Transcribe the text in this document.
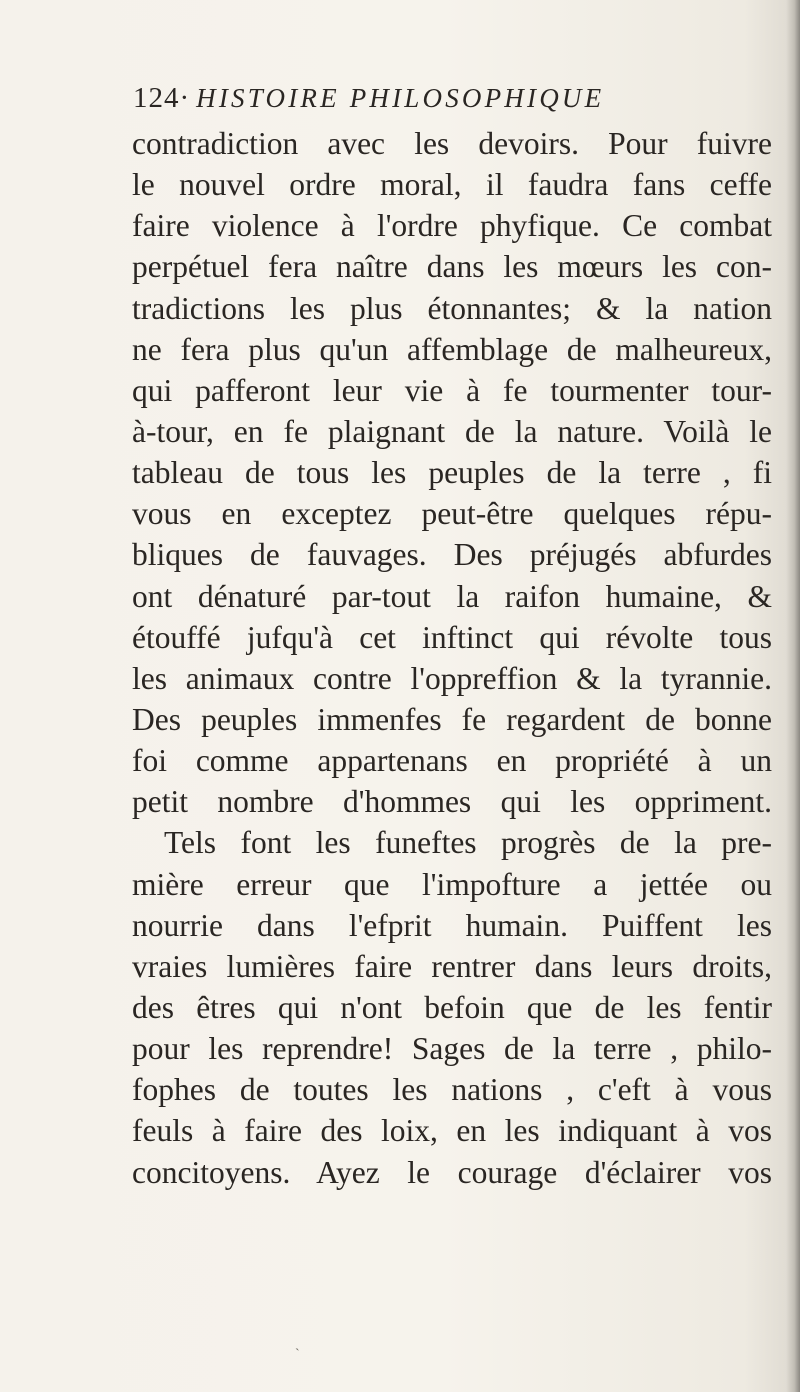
124· HISTOIRE PHILOSOPHIQUE
contradiction avec les devoirs. Pour fuivre
le nouvel ordre moral, il faudra fans ceffe
faire violence à l'ordre phyfique. Ce combat
perpétuel fera naître dans les mœurs les con-
tradictions les plus étonnantes; & la nation
ne fera plus qu'un affemblage de malheureux,
qui pafferont leur vie à fe tourmenter tour-
à-tour, en fe plaignant de la nature. Voilà le
tableau de tous les peuples de la terre , fi
vous en exceptez peut-être quelques répu-
bliques de fauvages. Des préjugés abfurdes
ont dénaturé par-tout la raifon humaine, &
étouffé jufqu'à cet inftinct qui révolte tous
les animaux contre l'oppreffion & la tyrannie.
Des peuples immenfes fe regardent de bonne
foi comme appartenans en propriété à un
petit nombre d'hommes qui les oppriment.
Tels font les funeftes progrès de la pre-
mière erreur que l'impofture a jettée ou
nourrie dans l'efprit humain. Puiffent les
vraies lumières faire rentrer dans leurs droits,
des êtres qui n'ont befoin que de les fentir
pour les reprendre! Sages de la terre , philo-
fophes de toutes les nations , c'eft à vous
feuls à faire des loix, en les indiquant à vos
concitoyens. Ayez le courage d'éclairer vos
˴
